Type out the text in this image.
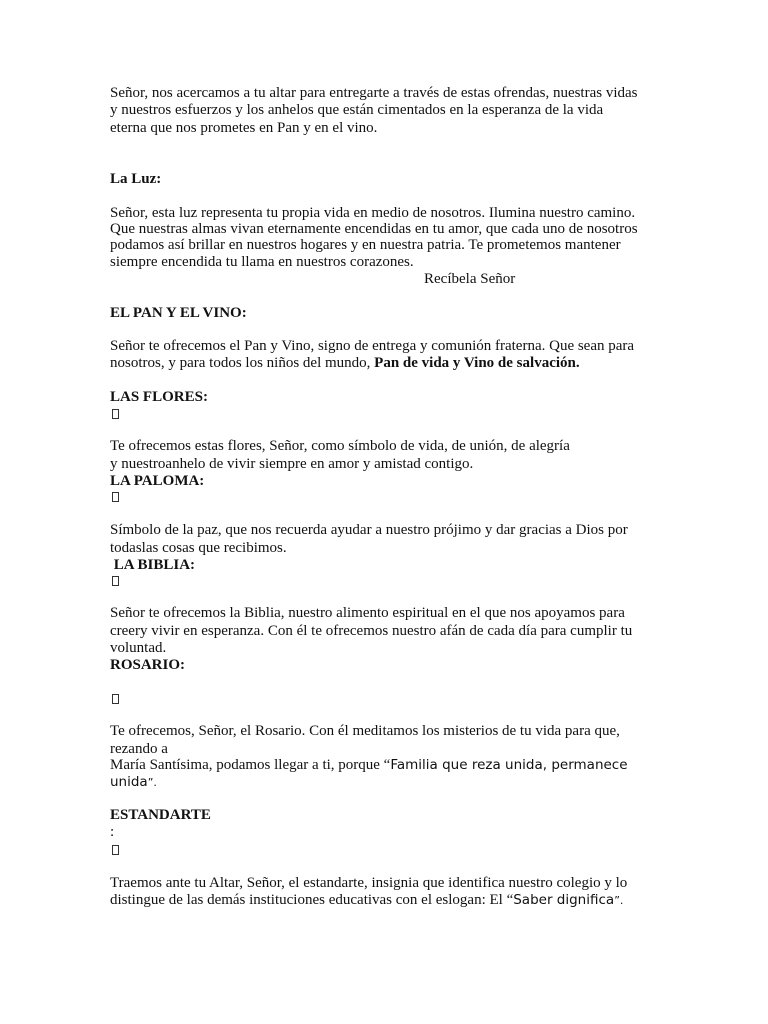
Señor, nos acercamos a tu altar para entregarte a través de estas ofrendas, nuestras vidas
y nuestros esfuerzos y los anhelos que están cimentados en la esperanza de la vida
eterna que nos prometes en Pan y en el vino.
La Luz:
Señor, esta luz representa tu propia vida en medio de nosotros. Ilumina nuestro camino.
Que nuestras almas vivan eternamente encendidas en tu amor, que cada uno de nosotros
podamos así brillar en nuestros hogares y en nuestra patria. Te prometemos mantener
siempre encendida tu llama en nuestros corazones.
Recíbela Señor
EL PAN Y EL VINO:
Señor te ofrecemos el Pan y Vino, signo de entrega y comunión fraterna. Que sean para
nosotros, y para todos los niños del mundo, Pan de vida y Vino de salvación.
LAS FLORES:
Te ofrecemos estas flores, Señor, como símbolo de vida, de unión, de alegría
y nuestroanhelo de vivir siempre en amor y amistad contigo.
LA PALOMA:
Símbolo de la paz, que nos recuerda ayudar a nuestro prójimo y dar gracias a Dios por
todaslas cosas que recibimos.
LA BIBLIA:
Señor te ofrecemos la Biblia, nuestro alimento espiritual en el que nos apoyamos para
creery vivir en esperanza. Con él te ofrecemos nuestro afán de cada día para cumplir tu
voluntad.
ROSARIO:
Te ofrecemos, Señor, el Rosario. Con él meditamos los misterios de tu vida para que,
rezando a
María Santísima, podamos llegar a ti, porque “Familia que reza unida, permanece
unida”.
ESTANDARTE
:
Traemos ante tu Altar, Señor, el estandarte, insignia que identifica nuestro colegio y lo
distingue de las demás instituciones educativas con el eslogan: El “Saber dignifica”.
